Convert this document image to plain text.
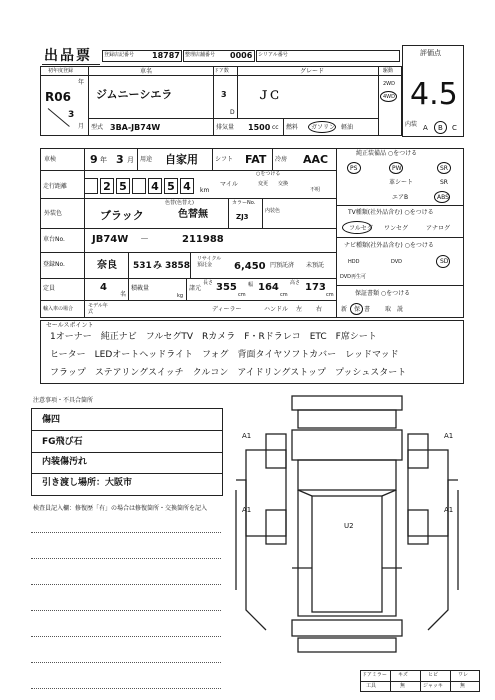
出品票 登録店記番号 18787 整理店舗番号 0006 シリアル番号	評価点
4.5
初年度登録
R06
年
3
月
車名
ジムニーシエラ
ドア数
3
D
グレード
ＪＣ
駆動
2WD
4WD
型式 3BA-JB74W	排気量 1500 cc 燃料 ガソリン 軽油	内装 A B C
車検	9 年 3 月 用途 自家用	シフト FAT 冷房 AAC
走行距離	2 5 4 5 4	km
○をつける
マイル	変更 交換
不明
外装色	ブラック
色替(色替え)
色替無
カラーNo.
ZJ3
内装色
車台No.	JB74W －	211988
登録No.	奈良 531 み 3858
リサイクル預託金	6,450 円預託済 未預託
定員	4
名
積載量
kg
諸元
長さ 355
cm
幅 164
cm
高さ 173
cm
輸入車の場合	モデル年式	ディーラー	ハンドル 左 右
純正装備品 ○をつける
PS	PW	SR
革シート	SR
エアB	ABS
TV種類(社外品含む) ○をつける
フルセグ ワンセグ	アナログ
ナビ種類(社外品含む) ○をつける
HDD	DVD	SD
DVD再生可
保証書類 ○をつける
新 保 書 取 説
セールスポイント
1オーナー　純正ナビ　フルセグTV　Rカメラ　F・Rドラレコ　ETC　F席シート
ヒーター　LEDオートヘッドライト　フォグ　背面タイヤソフトカバー　レッドマッド
フラップ　ステアリングスイッチ　クルコン　アイドリングストップ　プッシュスタート
注意事項・不具合箇所
傷四
FG飛び石
内装傷汚れ
引き渡し場所：大阪市
検査員記入欄：修復歴「有」の場合は修復箇所・交換箇所を記入
A1	A1
A1	A1
U2
ドアミラー キズ	ヒビ	ワレ
工具	無	ジャッキ	無
